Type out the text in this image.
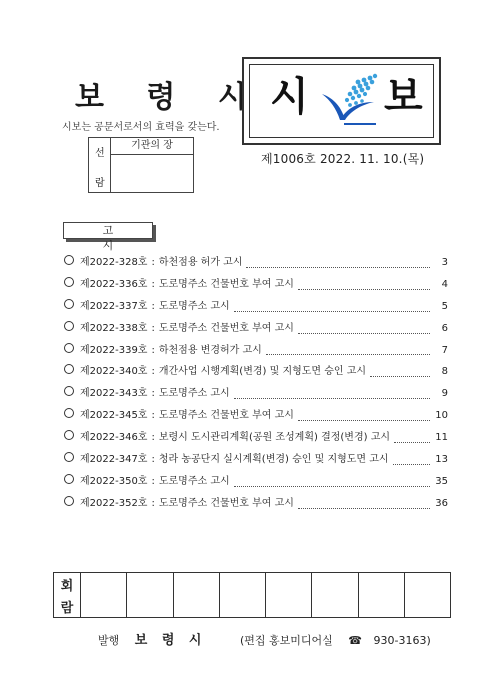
보 령 시
시보는 공문서로서의 효력을 갖는다.
선
람
기관의 장
시 보
제1006호 2022. 11. 10.(목)
고 시
제2022-328호 : 하천점용 허가 고시	3
제2022-336호 : 도로명주소 건물번호 부여 고시	4
제2022-337호 : 도로명주소 고시	5
제2022-338호 : 도로명주소 건물번호 부여 고시	6
제2022-339호 : 하천점용 변경허가 고시	7
제2022-340호 : 개간사업 시행계획(변경) 및 지형도면 승인 고시	8
제2022-343호 : 도로명주소 고시	9
제2022-345호 : 도로명주소 건물번호 부여 고시	10
제2022-346호 : 보령시 도시관리계획(공원 조성계획) 결정(변경) 고시	11
제2022-347호 : 청라 농공단지 실시계획(변경) 승인 및 지형도면 고시	13
제2022-350호 : 도로명주소 고시	35
제2022-352호 : 도로명주소 건물번호 부여 고시	36
회
람
발행 보 령 시	(편집 홍보미디어실 ☎ 930-3163)
